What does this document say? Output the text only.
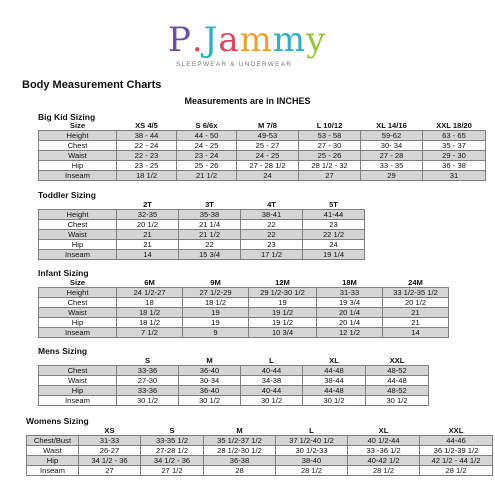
P.Jammy
SLEEPWEAR & UNDERWEAR
Body Measurement Charts
Measurements are in INCHES
Big Kid Sizing
Size	XS 4/5	S 6/6x	M 7/8	L 10/12	XL 14/16	XXL 18/20
Height	38 - 44	44 - 50	49-53	53 - 58	59-62	63 - 65
Chest	22 - 24	24 - 25	25 - 27	27 - 30	30- 34	35 - 37
Waist	22 - 23	23 - 24	24 - 25	25 - 26	27 - 28	29 - 30
Hip	23 - 25	25 - 26	27 - 28 1/2	28 1/2 - 32	33 - 35	36 - 38
Inseam	18 1/2	21 1/2	24	27	29	31
Toddler Sizing
	2T	3T	4T	5T
Height	32-35	35-38	38-41	41-44
Chest	20 1/2	21 1/4	22	23
Waist	21	21 1/2	22	22 1/2
Hip	21	22	23	24
Inseam	14	15 3/4	17 1/2	19 1/4
Infant Sizing
Size	6M	9M	12M	18M	24M
Height	24 1/2-27	27 1/2-29	29 1/2-30 1/2	31-33	33 1/2-35 1/2
Chest	18	18 1/2	19	19 3/4	20 1/2
Waist	18 1/2	19	19 1/2	20 1/4	21
Hip	18 1/2	19	19 1/2	20 1/4	21
Inseam	7 1/2	9	10 3/4	12 1/2	14
Mens Sizing
	S	M	L	XL	XXL
Chest	33-36	36-40	40-44	44-48	48-52
Waist	27-30	30-34	34-38	38-44	44-48
Hip	33-36	36-40	40-44	44-48	48-52
Inseam	30 1/2	30 1/2	30 1/2	30 1/2	30 1/2
Womens Sizing
	XS	S	M	L	XL	XXL
Chest/Bust	31-33	33-35 1/2	35 1/2-37 1/2	37 1/2-40 1/2	40 1/2-44	44-46
Waist	26-27	27-28 1/2	28 1/2-30 1/2	30 1/2-33	33 -36 1/2	36 1/2-39 1/2
Hip	34 1/2 - 36	34 1/2 - 36	36-38	38-40	40-42 1/2	42 1/2 - 44 1/2
Inseam	27	27 1/2	28	28 1/2	28 1/2	28 1/2
